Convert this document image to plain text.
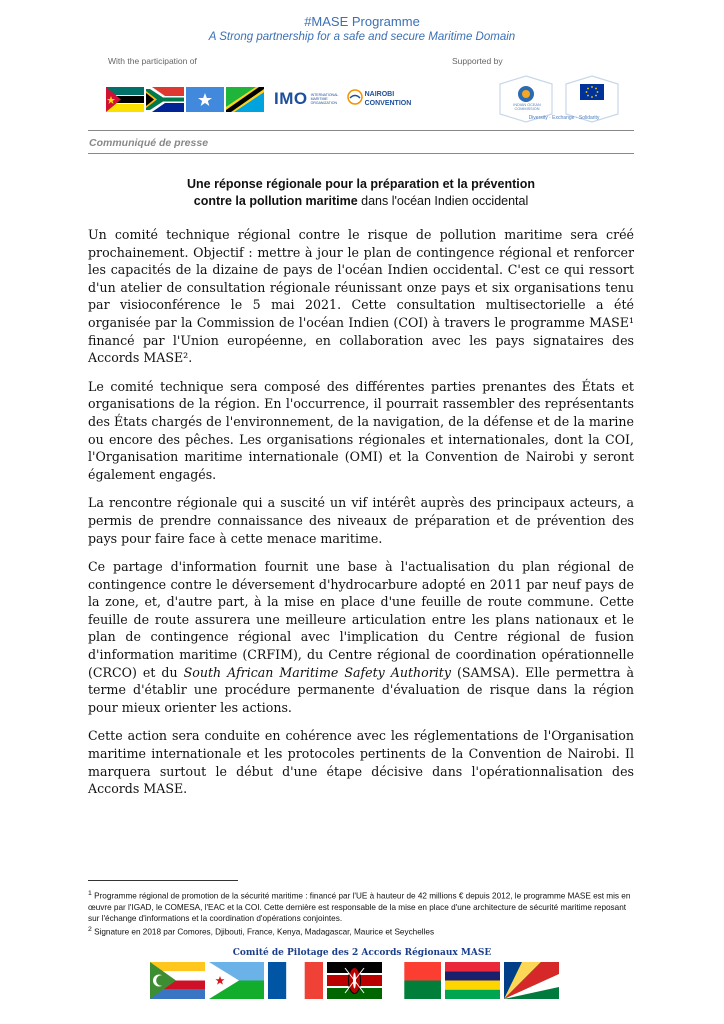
#MASE Programme
A Strong partnership for a safe and secure Maritime Domain
With the participation of	Supported by
IMO INTERNATIONAL MARITIME ORGANIZATION
NAIROBI CONVENTION	INDIAN OCEAN COMMISSION
Diversity · Exchange · Solidarity
Communiqué de presse
Une réponse régionale pour la préparation et la prévention
contre la pollution maritime dans l'océan Indien occidental

Un comité technique régional contre le risque de pollution maritime sera créé prochainement. Objectif : mettre à jour le plan de contingence régional et renforcer les capacités de la dizaine de pays de l'océan Indien occidental. C'est ce qui ressort d'un atelier de consultation régionale réunissant onze pays et six organisations tenu par visioconférence le 5 mai 2021. Cette consultation multisectorielle a été organisée par la Commission de l'océan Indien (COI) à travers le programme MASE¹ financé par l'Union européenne, en collaboration avec les pays signataires des Accords MASE².

Le comité technique sera composé des différentes parties prenantes des États et organisations de la région. En l'occurrence, il pourrait rassembler des représentants des États chargés de l'environnement, de la navigation, de la défense et de la marine ou encore des pêches. Les organisations régionales et internationales, dont la COI, l'Organisation maritime internationale (OMI) et la Convention de Nairobi y seront également engagés.

La rencontre régionale qui a suscité un vif intérêt auprès des principaux acteurs, a permis de prendre connaissance des niveaux de préparation et de prévention des pays pour faire face à cette menace maritime.

Ce partage d'information fournit une base à l'actualisation du plan régional de contingence contre le déversement d'hydrocarbure adopté en 2011 par neuf pays de la zone, et, d'autre part, à la mise en place d'une feuille de route commune. Cette feuille de route assurera une meilleure articulation entre les plans nationaux et le plan de contingence régional avec l'implication du Centre régional de fusion d'information maritime (CRFIM), du Centre régional de coordination opérationnelle (CRCO) et du South African Maritime Safety Authority (SAMSA). Elle permettra à terme d'établir une procédure permanente d'évaluation de risque dans la région pour mieux orienter les actions.

Cette action sera conduite en cohérence avec les réglementations de l'Organisation maritime internationale et les protocoles pertinents de la Convention de Nairobi. Il marquera surtout le début d'une étape décisive dans l'opérationnalisation des Accords MASE.

$^1$ Programme régional de promotion de la sécurité maritime : financé par l'UE à hauteur de 42 millions € depuis 2012, le programme MASE est mis en œuvre par l'IGAD, le COMESA, l'EAC et la COI. Cette dernière est responsable de la mise en place d'une architecture de sécurité maritime reposant sur l'échange d'informations et la coordination d'opérations conjointes.

$^2$ Signature en 2018 par Comores, Djibouti, France, Kenya, Madagascar, Maurice et Seychelles

Comité de Pilotage des 2 Accords Régionaux MASE
